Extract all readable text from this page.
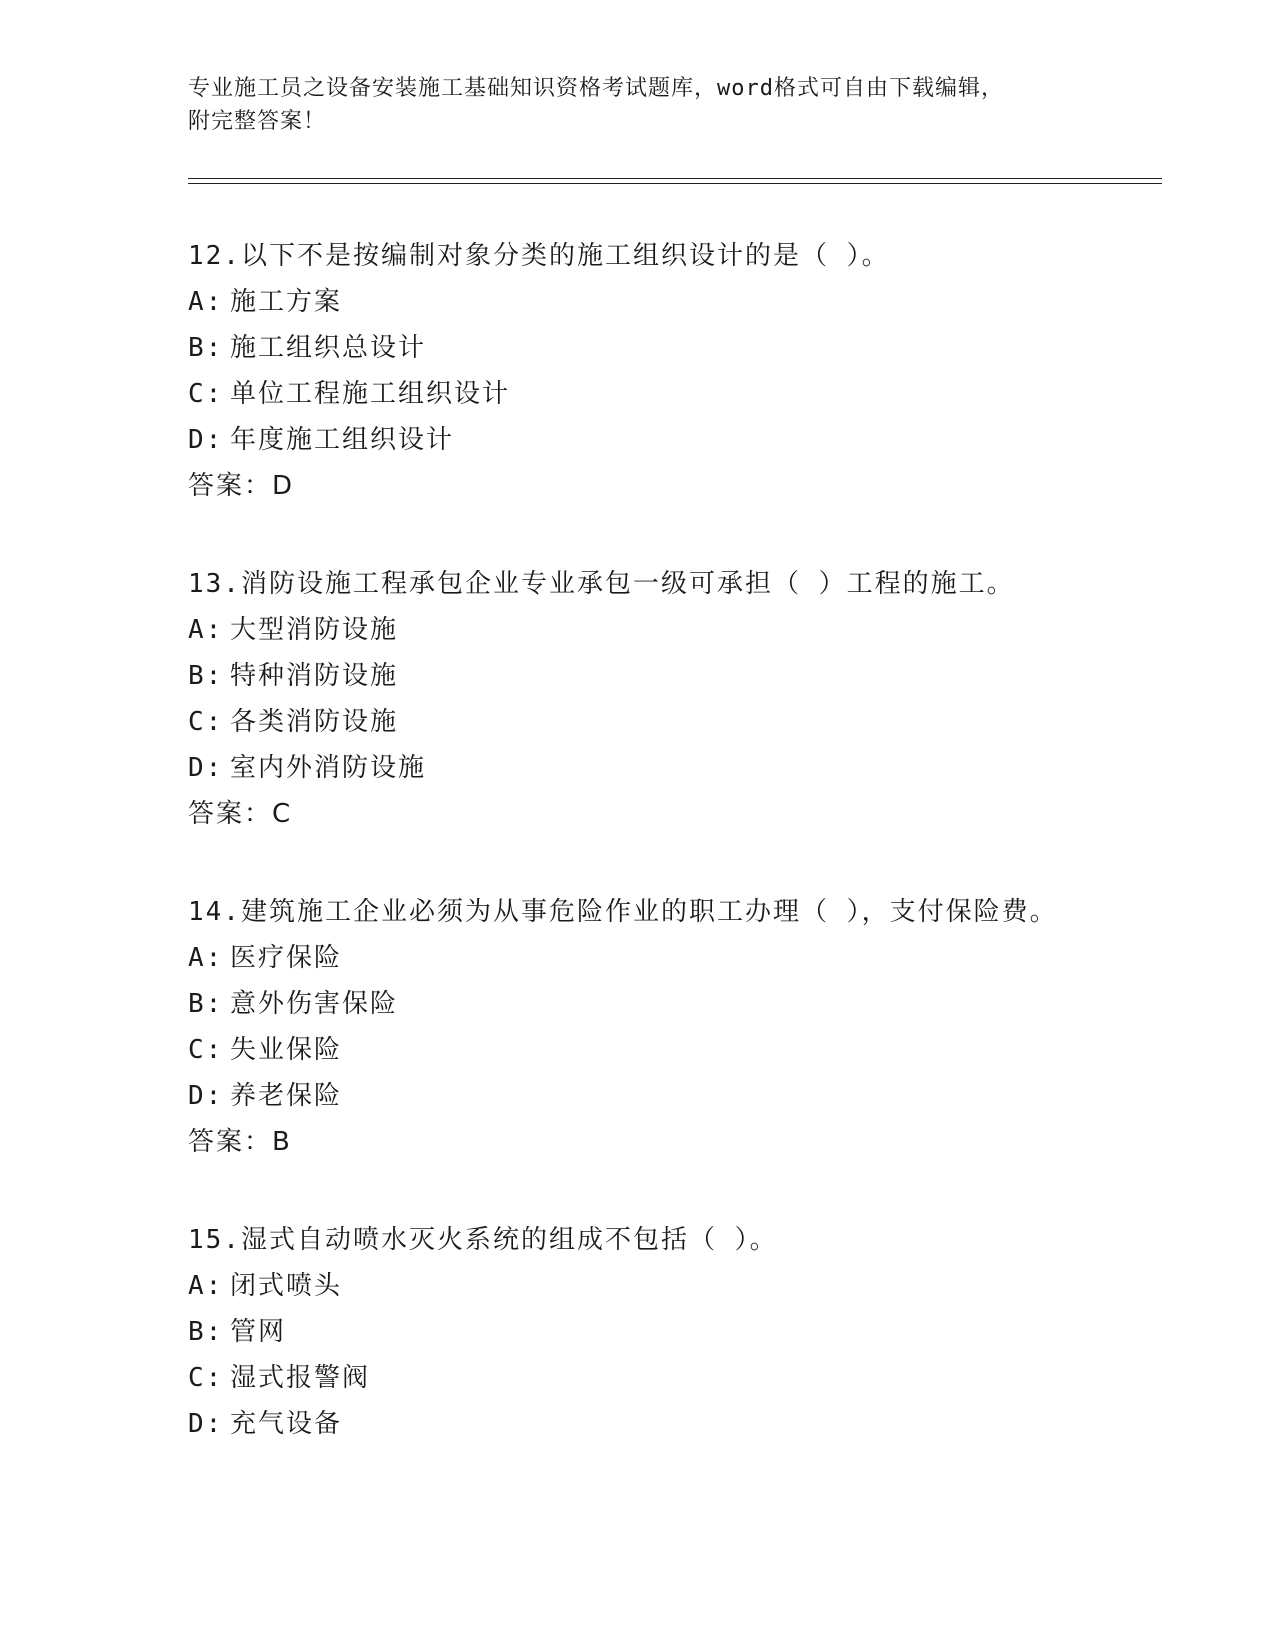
专业施工员之设备安装施工基础知识资格考试题库，word格式可自由下载编辑，
附完整答案！
12.以下不是按编制对象分类的施工组织设计的是（ ）。
A: 施工方案
B: 施工组织总设计
C: 单位工程施工组织设计
D: 年度施工组织设计
答案：D
13.消防设施工程承包企业专业承包一级可承担（ ）工程的施工。
A: 大型消防设施
B: 特种消防设施
C: 各类消防设施
D: 室内外消防设施
答案：C
14.建筑施工企业必须为从事危险作业的职工办理（ ），支付保险费。
A: 医疗保险
B: 意外伤害保险
C: 失业保险
D: 养老保险
答案：B
15.湿式自动喷水灭火系统的组成不包括（ ）。
A: 闭式喷头
B: 管网
C: 湿式报警阀
D: 充气设备
